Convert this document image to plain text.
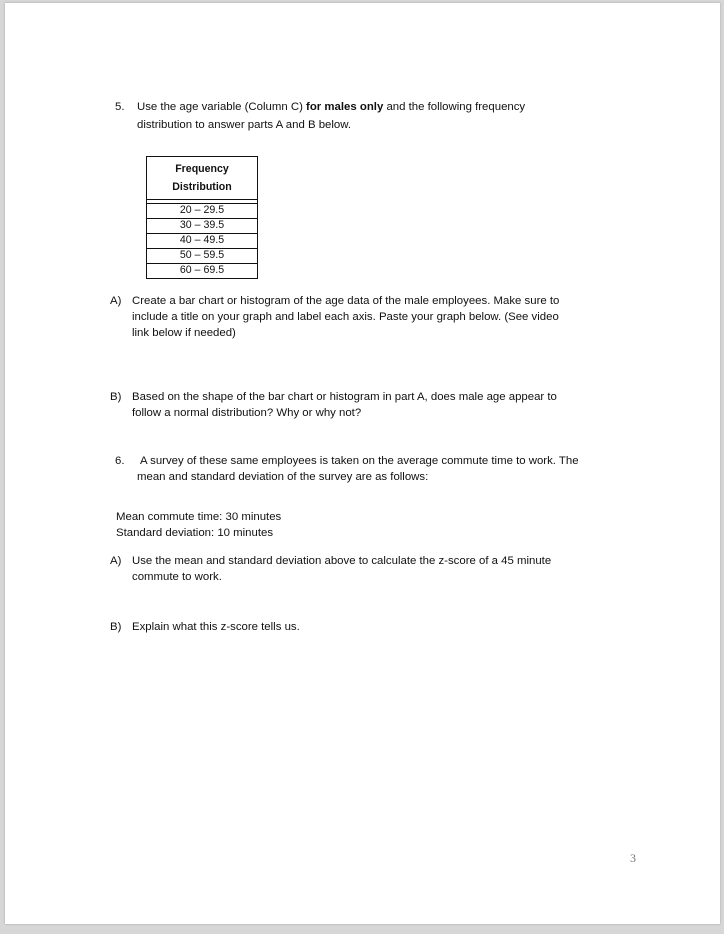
5. Use the age variable (Column C) for males only and the following frequency
distribution to answer parts A and B below.
Frequency
Distribution
20 – 29.5
30 – 39.5
40 – 49.5
50 – 59.5
60 – 69.5
A) Create a bar chart or histogram of the age data of the male employees. Make sure to
include a title on your graph and label each axis. Paste your graph below. (See video
link below if needed)
B) Based on the shape of the bar chart or histogram in part A, does male age appear to
follow a normal distribution? Why or why not?
6. A survey of these same employees is taken on the average commute time to work. The
mean and standard deviation of the survey are as follows:
Mean commute time: 30 minutes
Standard deviation: 10 minutes
A) Use the mean and standard deviation above to calculate the z-score of a 45 minute
commute to work.
B) Explain what this z-score tells us.
3
